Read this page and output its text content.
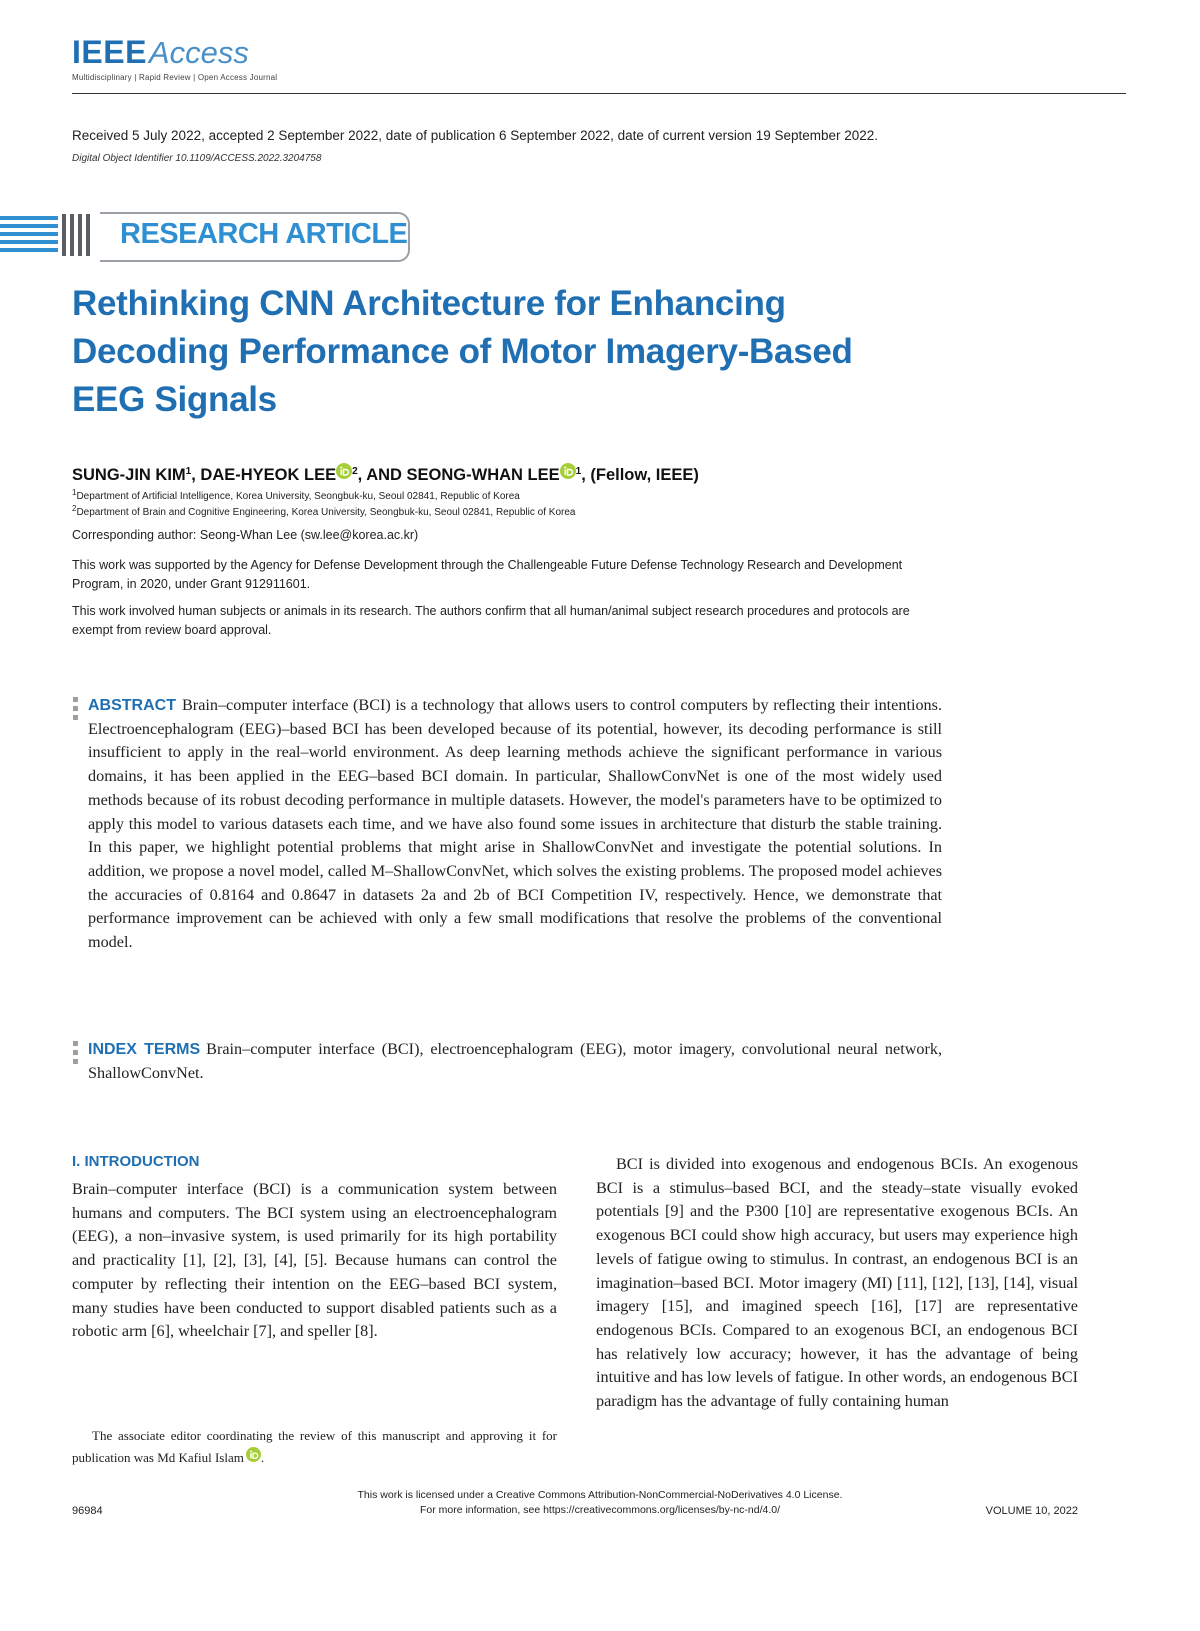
IEEEAccess
Multidisciplinary | Rapid Review | Open Access Journal
Received 5 July 2022, accepted 2 September 2022, date of publication 6 September 2022, date of current version 19 September 2022.
Digital Object Identifier 10.1109/ACCESS.2022.3204758
RESEARCH ARTICLE
Rethinking CNN Architecture for Enhancing
Decoding Performance of Motor Imagery-Based
EEG Signals
SUNG-JIN KIM$^1$, DAE-HYEOK LEE $^2$, AND SEONG-WHAN LEE $^1$, (Fellow, IEEE)
$^1$Department of Artificial Intelligence, Korea University, Seongbuk-ku, Seoul 02841, Republic of Korea
$^2$Department of Brain and Cognitive Engineering, Korea University, Seongbuk-ku, Seoul 02841, Republic of Korea
Corresponding author: Seong-Whan Lee (sw.lee@korea.ac.kr)
This work was supported by the Agency for Defense Development through the Challengeable Future Defense Technology Research and Development Program, in 2020, under Grant 912911601.
This work involved human subjects or animals in its research. The authors confirm that all human/animal subject research procedures and protocols are exempt from review board approval.
ABSTRACT Brain–computer interface (BCI) is a technology that allows users to control computers by reflecting their intentions. Electroencephalogram (EEG)–based BCI has been developed because of its potential, however, its decoding performance is still insufficient to apply in the real–world environment. As deep learning methods achieve the significant performance in various domains, it has been applied in the EEG–based BCI domain. In particular, ShallowConvNet is one of the most widely used methods because of its robust decoding performance in multiple datasets. However, the model's parameters have to be optimized to apply this model to various datasets each time, and we have also found some issues in architecture that disturb the stable training. In this paper, we highlight potential problems that might arise in ShallowConvNet and investigate the potential solutions. In addition, we propose a novel model, called M–ShallowConvNet, which solves the existing problems. The proposed model achieves the accuracies of 0.8164 and 0.8647 in datasets 2a and 2b of BCI Competition IV, respectively. Hence, we demonstrate that performance improvement can be achieved with only a few small modifications that resolve the problems of the conventional model.
INDEX TERMS Brain–computer interface (BCI), electroencephalogram (EEG), motor imagery, convolutional neural network, ShallowConvNet.
I. INTRODUCTION
Brain–computer interface (BCI) is a communication system between humans and computers. The BCI system using an electroencephalogram (EEG), a non–invasive system, is used primarily for its high portability and practicality [1], [2], [3], [4], [5]. Because humans can control the computer by reflecting their intention on the EEG–based BCI system, many studies have been conducted to support disabled patients such as a robotic arm [6], wheelchair [7], and speller [8].
BCI is divided into exogenous and endogenous BCIs. An exogenous BCI is a stimulus–based BCI, and the steady–state visually evoked potentials [9] and the P300 [10] are representative exogenous BCIs. An exogenous BCI could show high accuracy, but users may experience high levels of fatigue owing to stimulus. In contrast, an endogenous BCI is an imagination–based BCI. Motor imagery (MI) [11], [12], [13], [14], visual imagery [15], and imagined speech [16], [17] are representative endogenous BCIs. Compared to an exogenous BCI, an endogenous BCI has relatively low accuracy; however, it has the advantage of being intuitive and has low levels of fatigue. In other words, an endogenous BCI paradigm has the advantage of fully containing human
The associate editor coordinating the review of this manuscript and approving it for publication was Md Kafiul Islam .
This work is licensed under a Creative Commons Attribution-NonCommercial-NoDerivatives 4.0 License.
For more information, see https://creativecommons.org/licenses/by-nc-nd/4.0/
96984	VOLUME 10, 2022
